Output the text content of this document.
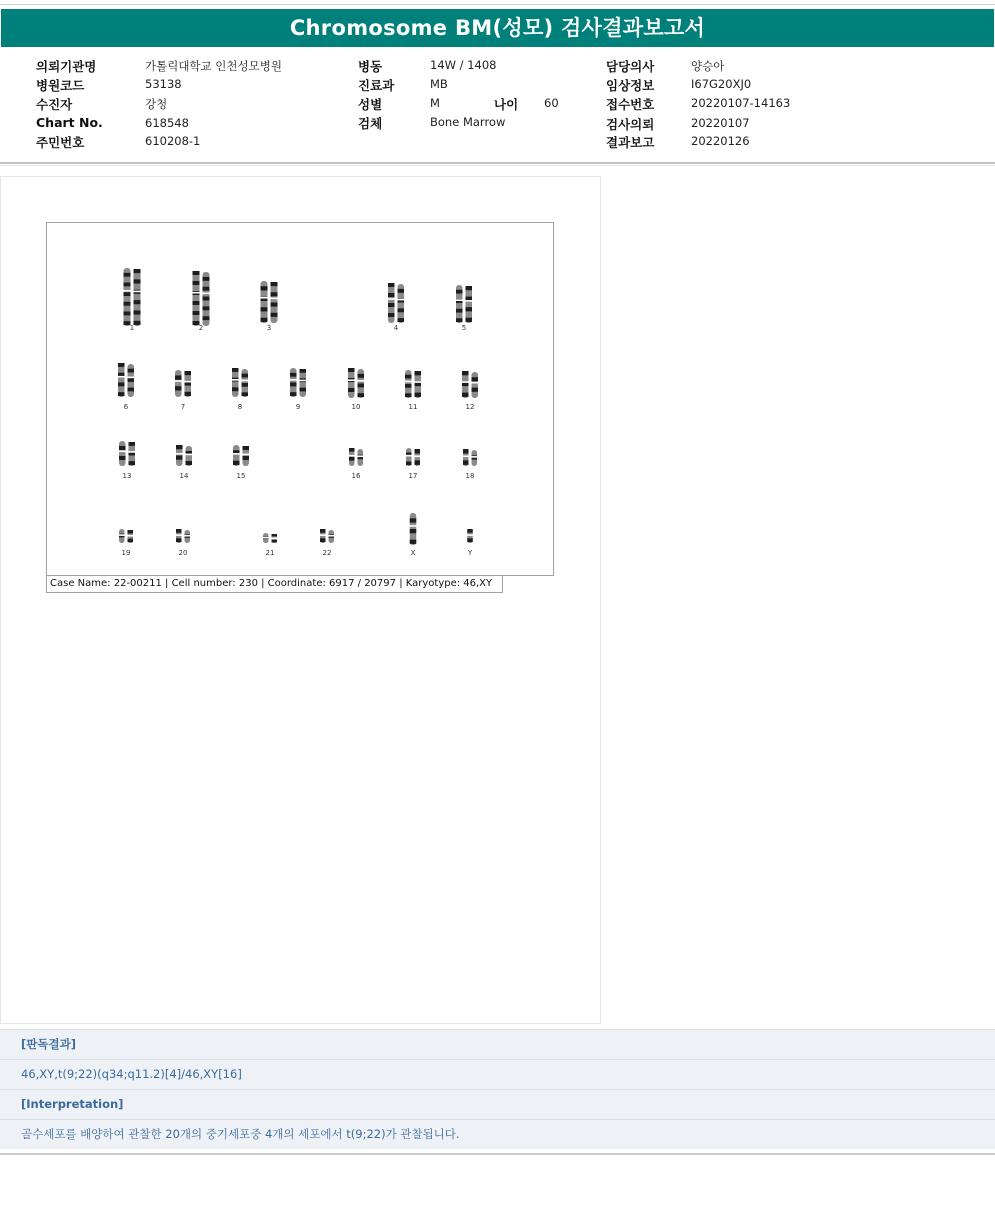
Chromosome BM(성모) 검사결과보고서
의뢰기관명	가톨릭대학교 인천성모병원
병원코드	53138
수진자	강청
Chart No.	618548
주민번호	610208-1
병동	14W / 1408
진료과	MB
성별	M	나이 60
검체	Bone Marrow
담당의사	양승아
임상정보	I67G20XJ0
접수번호	20220107-14163
검사의뢰	20220107
결과보고	20220126
1	2	3	4	5
6	7	8	9	10	11	12
13	14	15	16	17	18
19	20	21	22	X	Y
Case Name: 22-00211 | Cell number: 230 | Coordinate: 6917 / 20797 | Karyotype: 46,XY
[판독결과]
46,XY,t(9;22)(q34;q11.2)[4]/46,XY[16]
[Interpretation]
골수세포를 배양하여 관찰한 20개의 중기세포중 4개의 세포에서 t(9;22)가 관찰됩니다.
